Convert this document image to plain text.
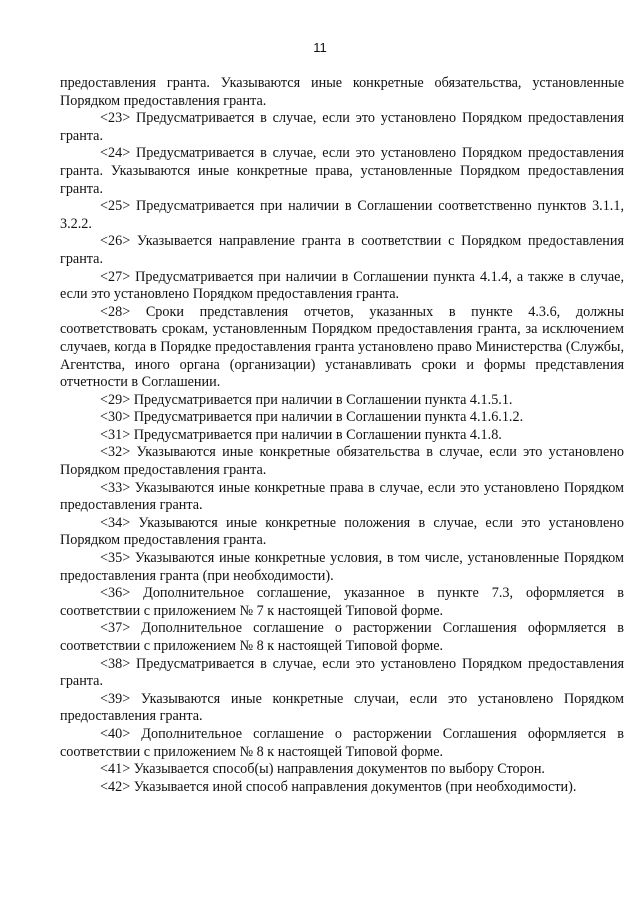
11

предоставления гранта. Указываются иные конкретные обязательства, установленные Порядком предоставления гранта.

<23> Предусматривается в случае, если это установлено Порядком предоставления гранта.

<24> Предусматривается в случае, если это установлено Порядком предоставления гранта. Указываются иные конкретные права, установленные Порядком предоставления гранта.

<25> Предусматривается при наличии в Соглашении соответственно пунктов 3.1.1, 3.2.2.

<26> Указывается направление гранта в соответствии с Порядком предоставления гранта.

<27> Предусматривается при наличии в Соглашении пункта 4.1.4, а также в случае, если это установлено Порядком предоставления гранта.

<28> Сроки представления отчетов, указанных в пункте 4.3.6, должны соответствовать срокам, установленным Порядком предоставления гранта, за исключением случаев, когда в Порядке предоставления гранта установлено право Министерства (Службы, Агентства, иного органа (организации) устанавливать сроки и формы представления отчетности в Соглашении.

<29> Предусматривается при наличии в Соглашении пункта 4.1.5.1.

<30> Предусматривается при наличии в Соглашении пункта 4.1.6.1.2.

<31> Предусматривается при наличии в Соглашении пункта 4.1.8.

<32> Указываются иные конкретные обязательства в случае, если это установлено Порядком предоставления гранта.

<33> Указываются иные конкретные права в случае, если это установлено Порядком предоставления гранта.

<34> Указываются иные конкретные положения в случае, если это установлено Порядком предоставления гранта.

<35> Указываются иные конкретные условия, в том числе, установленные Порядком предоставления гранта (при необходимости).

<36> Дополнительное соглашение, указанное в пункте 7.3, оформляется в соответствии с приложением № 7 к настоящей Типовой форме.

<37> Дополнительное соглашение о расторжении Соглашения оформляется в соответствии с приложением № 8 к настоящей Типовой форме.

<38> Предусматривается в случае, если это установлено Порядком предоставления гранта.

<39> Указываются иные конкретные случаи, если это установлено Порядком предоставления гранта.

<40> Дополнительное соглашение о расторжении Соглашения оформляется в соответствии с приложением № 8 к настоящей Типовой форме.

<41> Указывается способ(ы) направления документов по выбору Сторон.

<42> Указывается иной способ направления документов (при необходимости).
